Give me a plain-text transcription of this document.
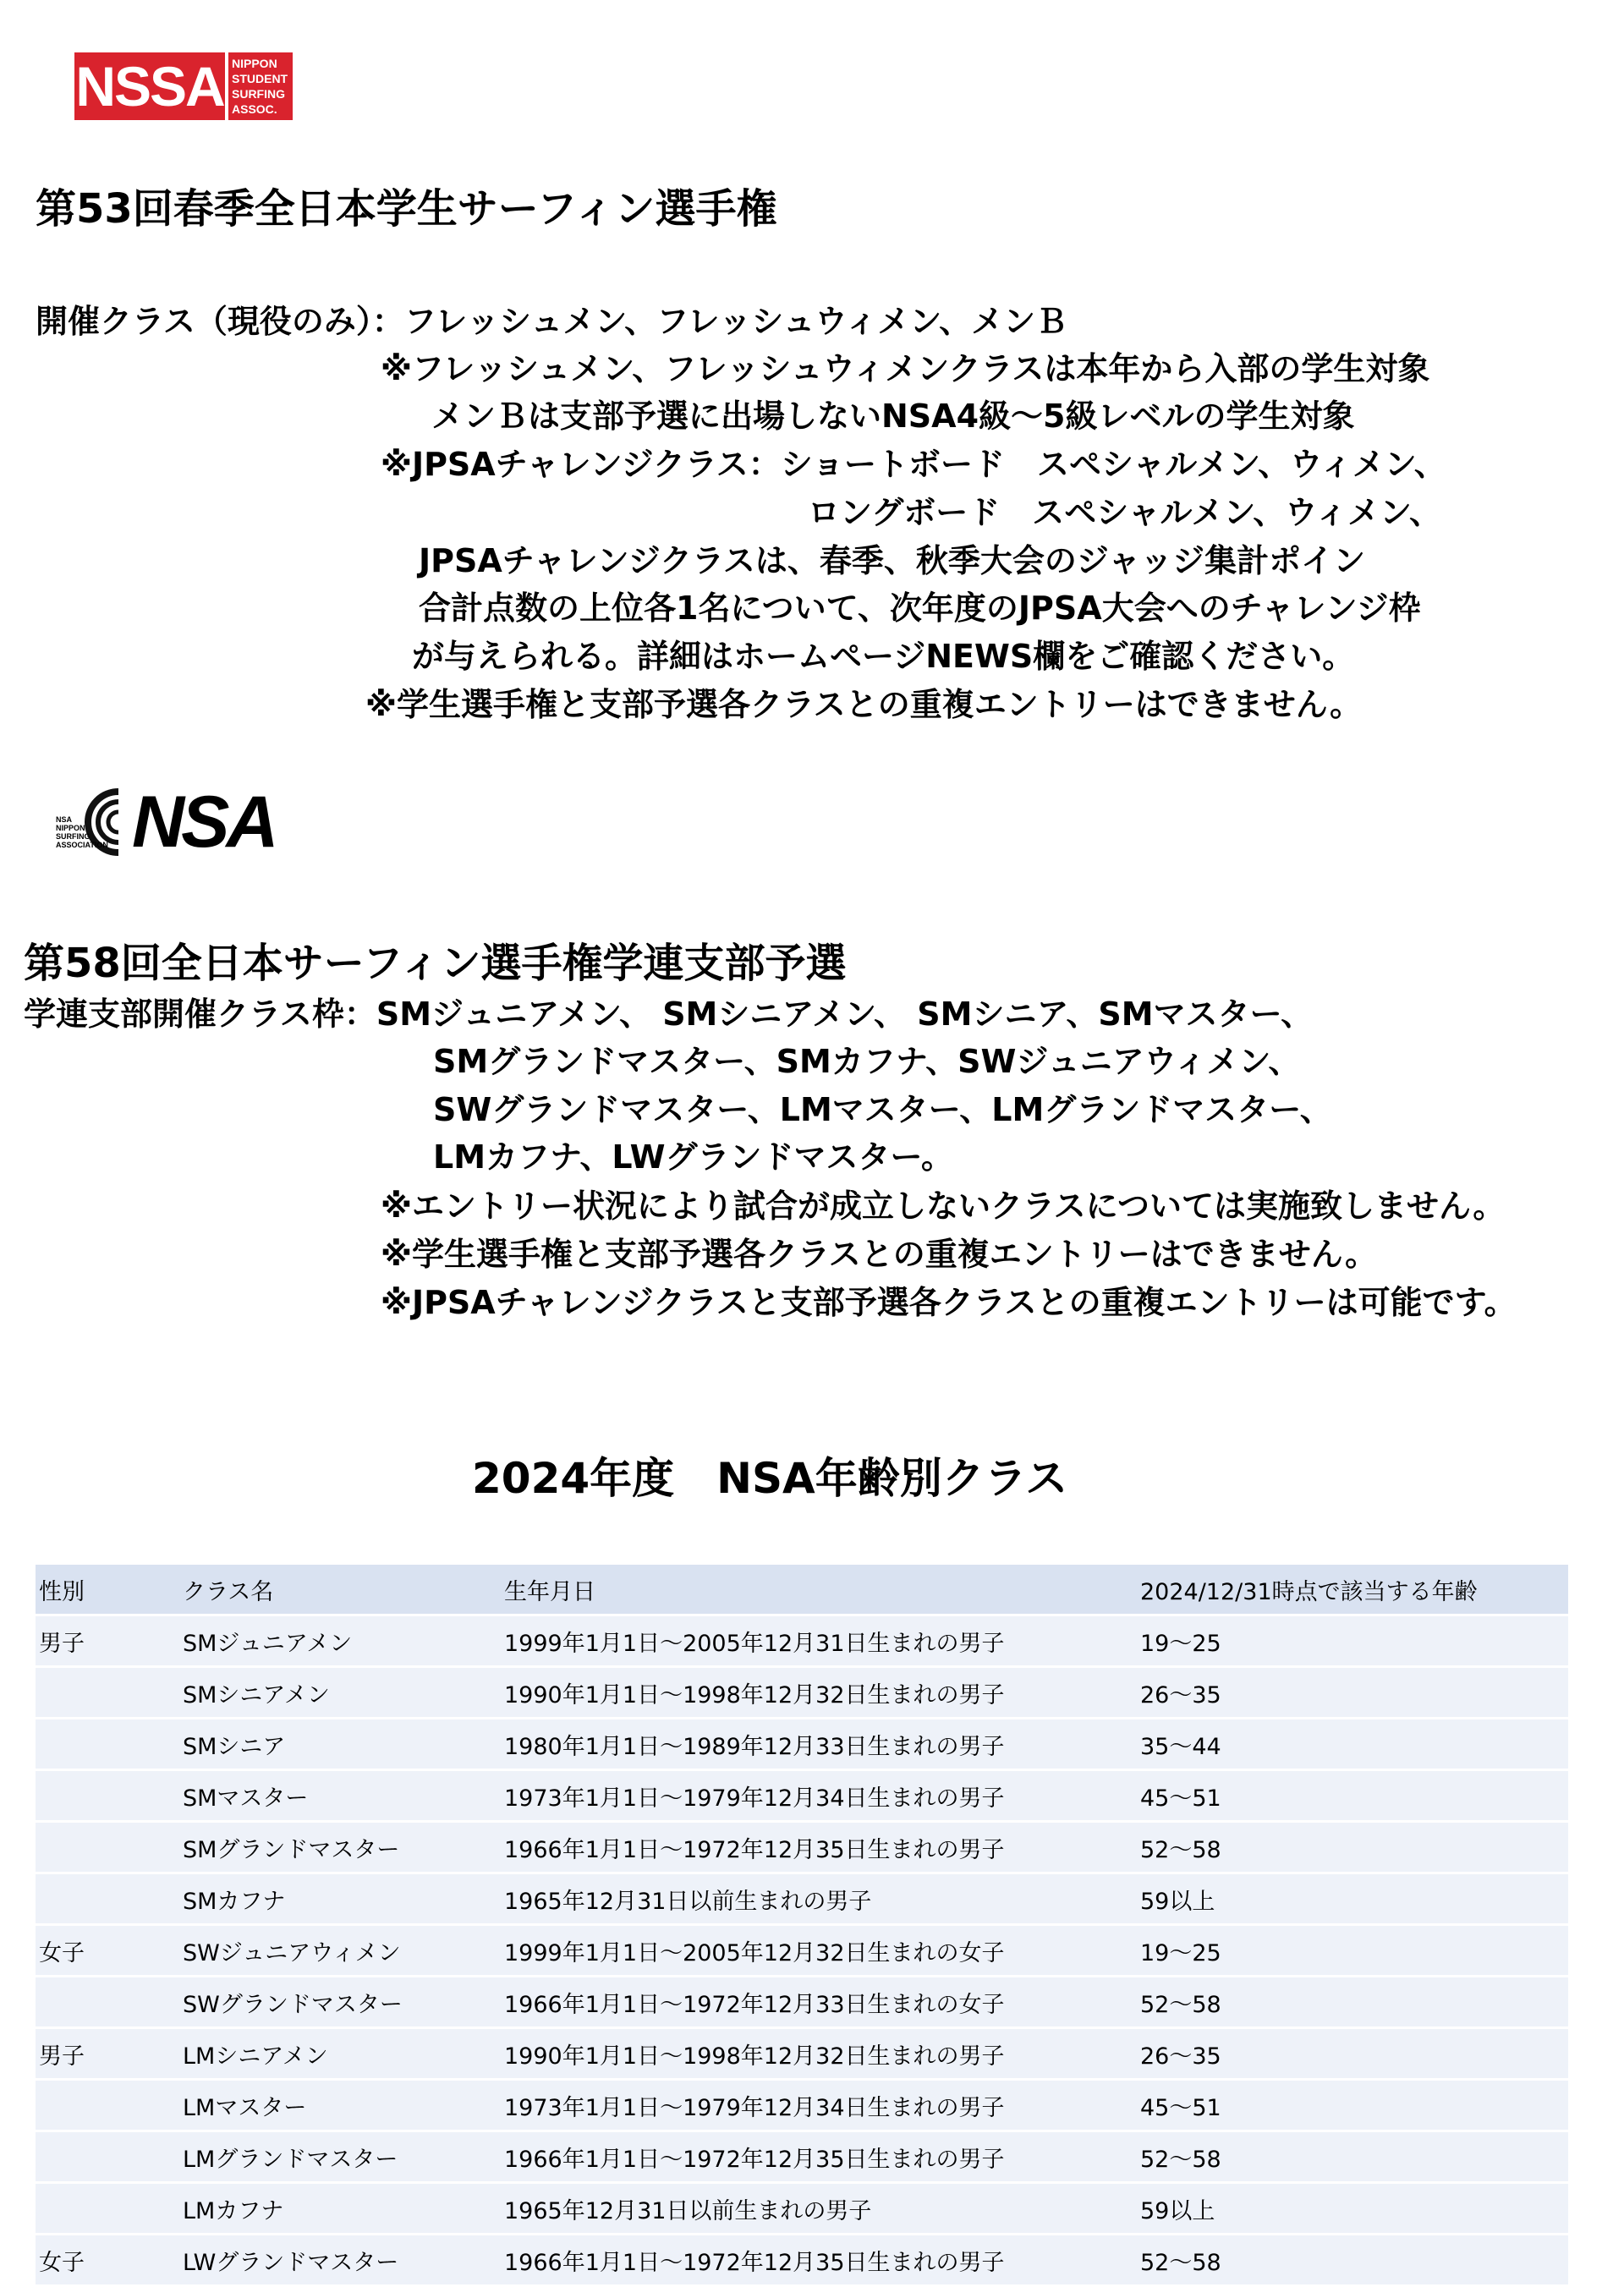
NSSA NIPPON
STUDENT
SURFING
ASSOC.
第53回春季全日本学生サーフィン選手権
開催クラス（現役のみ）：フレッシュメン、フレッシュウィメン、メンＢ
※フレッシュメン、フレッシュウィメンクラスは本年から入部の学生対象
メンＢは支部予選に出場しないNSA4級～5級レベルの学生対象
※JPSAチャレンジクラス：ショートボード　スペシャルメン、ウィメン、
ロングボード　スペシャルメン、ウィメン、
JPSAチャレンジクラスは、春季、秋季大会のジャッジ集計ポイン
合計点数の上位各1名について、次年度のJPSA大会へのチャレンジ枠
が与えられる。詳細はホームページNEWS欄をご確認ください。
※学生選手権と支部予選各クラスとの重複エントリーはできません。
NSA
NIPPON
SURFING
ASSOCIATION NSA
第58回全日本サーフィン選手権学連支部予選
学連支部開催クラス枠：SMジュニアメン、 SMシニアメン、 SMシニア、SMマスター、
SMグランドマスター、SMカフナ、SWジュニアウィメン、
SWグランドマスター、LMマスター、LMグランドマスター、
LMカフナ、LWグランドマスター。
※エントリー状況により試合が成立しないクラスについては実施致しません。
※学生選手権と支部予選各クラスとの重複エントリーはできません。
※JPSAチャレンジクラスと支部予選各クラスとの重複エントリーは可能です。
2024年度　NSA年齢別クラス
性別	クラス名	生年月日	2024/12/31時点で該当する年齢
男子	SMジュニアメン	1999年1月1日～2005年12月31日生まれの男子	19～25
	SMシニアメン	1990年1月1日～1998年12月32日生まれの男子	26～35
	SMシニア	1980年1月1日～1989年12月33日生まれの男子	35～44
	SMマスター	1973年1月1日～1979年12月34日生まれの男子	45～51
	SMグランドマスター	1966年1月1日～1972年12月35日生まれの男子	52～58
	SMカフナ	1965年12月31日以前生まれの男子	59以上
女子	SWジュニアウィメン	1999年1月1日～2005年12月32日生まれの女子	19～25
	SWグランドマスター	1966年1月1日～1972年12月33日生まれの女子	52～58
男子	LMシニアメン	1990年1月1日～1998年12月32日生まれの男子	26～35
	LMマスター	1973年1月1日～1979年12月34日生まれの男子	45～51
	LMグランドマスター	1966年1月1日～1972年12月35日生まれの男子	52～58
	LMカフナ	1965年12月31日以前生まれの男子	59以上
女子	LWグランドマスター	1966年1月1日～1972年12月35日生まれの男子	52～58
